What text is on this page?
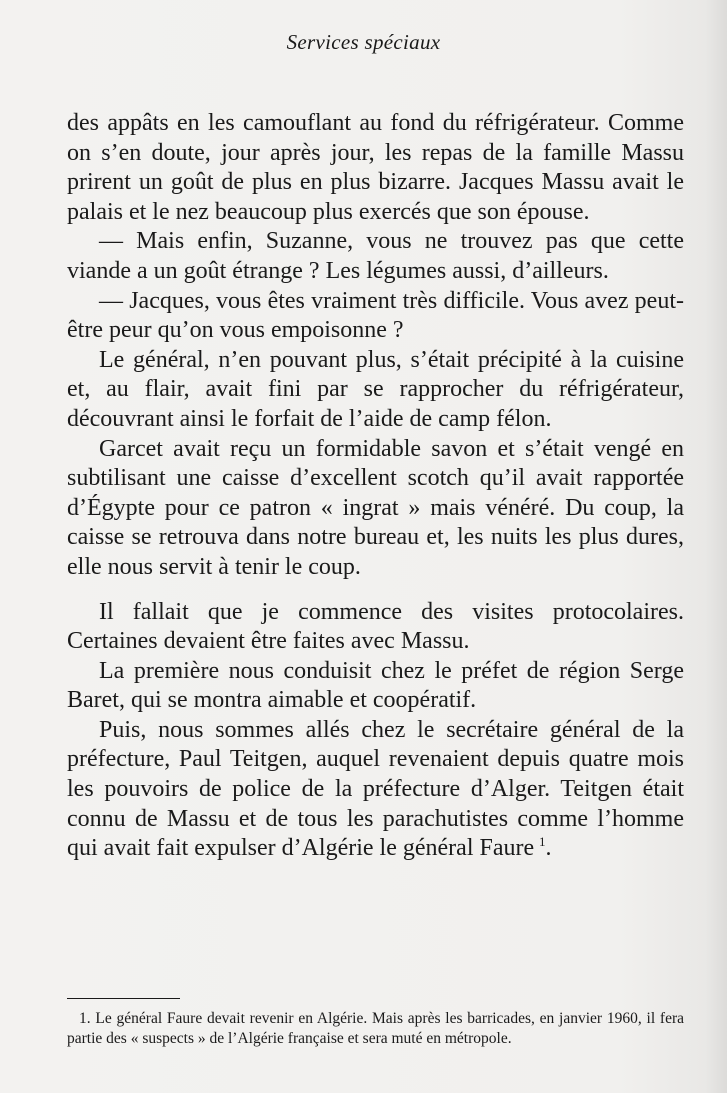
Services spéciaux

des appâts en les camouflant au fond du réfrigérateur. Comme on s’en doute, jour après jour, les repas de la famille Massu prirent un goût de plus en plus bizarre. Jacques Massu avait le palais et le nez beaucoup plus exercés que son épouse.

— Mais enfin, Suzanne, vous ne trouvez pas que cette viande a un goût étrange ? Les légumes aussi, d’ailleurs.

— Jacques, vous êtes vraiment très difficile. Vous avez peut-être peur qu’on vous empoisonne ?

Le général, n’en pouvant plus, s’était précipité à la cuisine et, au flair, avait fini par se rapprocher du réfrigérateur, découvrant ainsi le forfait de l’aide de camp félon.

Garcet avait reçu un formidable savon et s’était vengé en subtilisant une caisse d’excellent scotch qu’il avait rapportée d’Égypte pour ce patron « ingrat » mais vénéré. Du coup, la caisse se retrouva dans notre bureau et, les nuits les plus dures, elle nous servit à tenir le coup.

Il fallait que je commence des visites protocolaires. Certaines devaient être faites avec Massu.

La première nous conduisit chez le préfet de région Serge Baret, qui se montra aimable et coopératif.

Puis, nous sommes allés chez le secrétaire général de la préfecture, Paul Teitgen, auquel revenaient depuis quatre mois les pouvoirs de police de la préfecture d’Alger. Teitgen était connu de Massu et de tous les parachutistes comme l’homme qui avait fait expulser d’Algérie le général Faure  $^1$.

1. Le général Faure devait revenir en Algérie. Mais après les barricades, en janvier 1960, il fera partie des « suspects » de l’Algérie française et sera muté en métropole.
